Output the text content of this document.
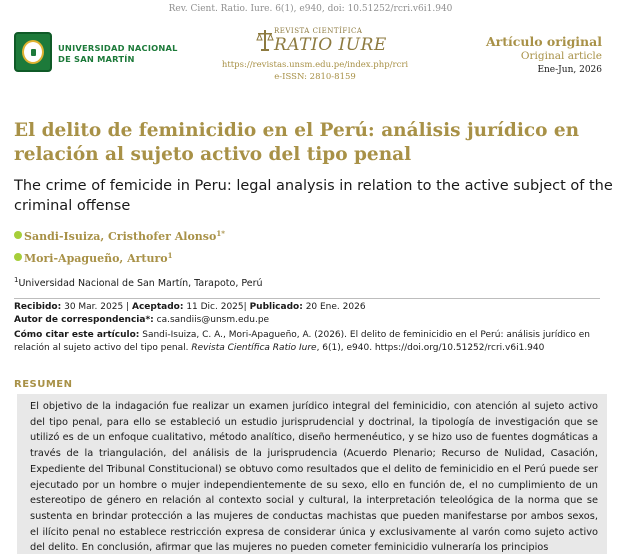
Rev. Cient. Ratio. Iure. 6(1), e940, doi: 10.51252/rcri.v6i1.940
UNIVERSIDAD NACIONAL
DE SAN MARTÍN
REVISTA CIENTÍFICA
RATIO IURE
https://revistas.unsm.edu.pe/index.php/rcri
e-ISSN: 2810-8159
Artículo original
Original article
Ene-Jun, 2026
El delito de feminicidio en el Perú: análisis jurídico en
relación al sujeto activo del tipo penal
The crime of femicide in Peru: legal analysis in relation to the active subject of the
criminal offense
Sandi-Isuiza, Cristhofer Alonso$^{1*}$
Mori-Apagueño, Arturo$^1$
$^1$Universidad Nacional de San Martín, Tarapoto, Perú
Recibido: 30 Mar. 2025 | Aceptado: 11 Dic. 2025| Publicado: 20 Ene. 2026
Autor de correspondencia*: ca.sandiis@unsm.edu.pe
Cómo citar este artículo: Sandi-Isuiza, C. A., Mori-Apagueño, A. (2026). El delito de feminicidio en el Perú: análisis jurídico en
relación al sujeto activo del tipo penal. Revista Científica Ratio Iure, 6(1), e940. https://doi.org/10.51252/rcri.v6i1.940
RESUMEN
El objetivo de la indagación fue realizar un examen jurídico integral del feminicidio, con atención al sujeto activo del tipo penal, para ello se estableció un estudio jurisprudencial y doctrinal, la tipología de investigación que se utilizó es de un enfoque cualitativo, método analítico, diseño hermenéutico, y se hizo uso de fuentes dogmáticas a través de la triangulación, del análisis de la jurisprudencia (Acuerdo Plenario; Recurso de Nulidad, Casación, Expediente del Tribunal Constitucional) se obtuvo como resultados que el delito de feminicidio en el Perú puede ser ejecutado por un hombre o mujer independientemente de su sexo, ello en función de, el no cumplimiento de un estereotipo de género en relación al contexto social y cultural, la interpretación teleológica de la norma que se sustenta en brindar protección a las mujeres de conductas machistas que pueden manifestarse por ambos sexos, el ilícito penal no establece restricción expresa de considerar única y exclusivamente al varón como sujeto activo del delito. En conclusión, afirmar que las mujeres no pueden cometer feminicidio vulneraría los principios
